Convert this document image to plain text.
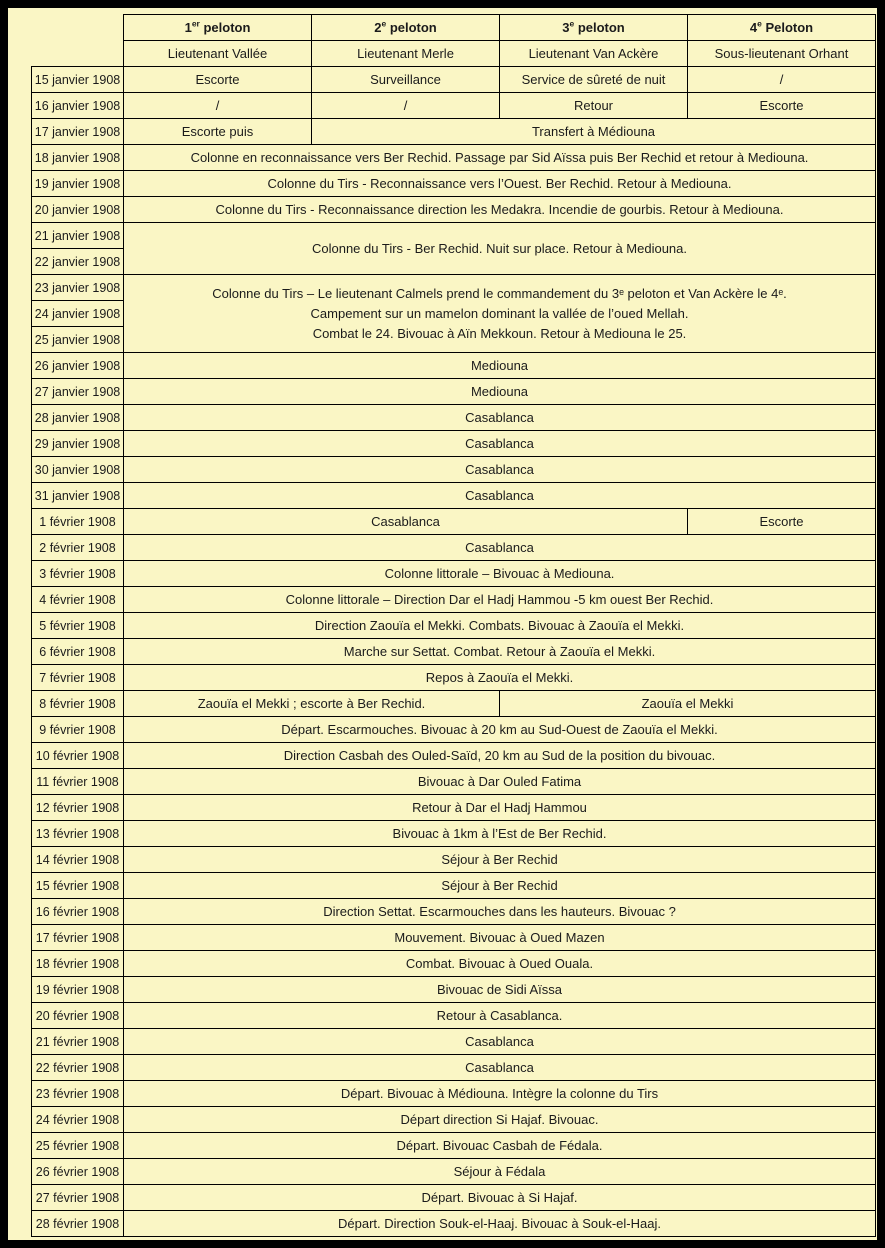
	1er peloton	2e peloton	3e peloton	4e Peloton
	Lieutenant Vallée	Lieutenant Merle	Lieutenant Van Ackère	Sous-lieutenant Orhant
15 janvier 1908	Escorte	Surveillance	Service de sûreté de nuit	/
16 janvier 1908	/	/	Retour	Escorte
17 janvier 1908	Escorte puis	Transfert à Médiouna		
18 janvier 1908	Colonne en reconnaissance vers Ber Rechid. Passage par Sid Aïssa puis Ber Rechid et retour à Mediouna.			
19 janvier 1908	Colonne du Tirs - Reconnaissance vers l’Ouest. Ber Rechid. Retour à Mediouna.			
20 janvier 1908	Colonne du Tirs - Reconnaissance direction les Medakra. Incendie de gourbis. Retour à Mediouna.			
21 janvier 1908	Colonne du Tirs - Ber Rechid. Nuit sur place. Retour à Mediouna.			
22 janvier 1908				
23 janvier 1908	Colonne du Tirs – Le lieutenant Calmels prend le commandement du 3ᵉ peloton et Van Ackère le 4ᵉ.
Campement sur un mamelon dominant la vallée de l’oued Mellah.
Combat le 24. Bivouac à Aïn Mekkoun. Retour à Mediouna le 25.			

24 janvier 1908				
25 janvier 1908				
26 janvier 1908	Mediouna			
27 janvier 1908	Mediouna			
28 janvier 1908	Casablanca			
29 janvier 1908	Casablanca			
30 janvier 1908	Casablanca			
31 janvier 1908	Casablanca			
1 février 1908	Casablanca			Escorte
2 février 1908	Casablanca			
3 février 1908	Colonne littorale – Bivouac à Mediouna.			
4 février 1908	Colonne littorale – Direction Dar el Hadj Hammou -5 km ouest Ber Rechid.			
5 février 1908	Direction Zaouïa el Mekki. Combats. Bivouac à Zaouïa el Mekki.			
6 février 1908	Marche sur Settat. Combat. Retour à Zaouïa el Mekki.			
7 février 1908	Repos à Zaouïa el Mekki.			
8 février 1908	Zaouïa el Mekki ; escorte à Ber Rechid.		Zaouïa el Mekki	
9 février 1908	Départ. Escarmouches. Bivouac à 20 km au Sud-Ouest de Zaouïa el Mekki.			
10 février 1908	Direction Casbah des Ouled-Saïd, 20 km au Sud de la position du bivouac.			
11 février 1908	Bivouac à Dar Ouled Fatima			
12 février 1908	Retour à Dar el Hadj Hammou			
13 février 1908	Bivouac à 1km à l’Est de Ber Rechid.			
14 février 1908	Séjour à Ber Rechid			
15 février 1908	Séjour à Ber Rechid			
16 février 1908	Direction Settat. Escarmouches dans les hauteurs. Bivouac ?			
17 février 1908	Mouvement. Bivouac à Oued Mazen			
18 février 1908	Combat. Bivouac à Oued Ouala.			
19 février 1908	Bivouac de Sidi Aïssa			
20 février 1908	Retour à Casablanca.			
21 février 1908	Casablanca			
22 février 1908	Casablanca			
23 février 1908	Départ. Bivouac à Médiouna. Intègre la colonne du Tirs			
24 février 1908	Départ direction Si Hajaf. Bivouac.			
25 février 1908	Départ. Bivouac Casbah de Fédala.			
26 février 1908	Séjour à Fédala			
27 février 1908	Départ. Bivouac à Si Hajaf.			
28 février 1908	Départ. Direction Souk-el-Haaj. Bivouac à Souk-el-Haaj.			
